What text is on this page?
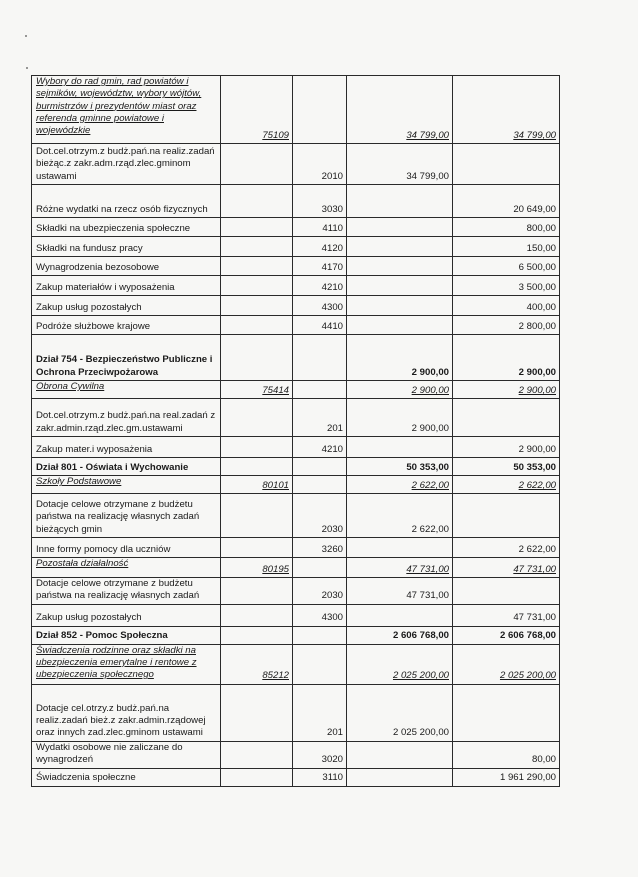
Wybory do rad gmin, rad powiatów i sejmików, województw, wybory wójtów, burmistrzów i prezydentów miast oraz referenda gminne powiatowe i wojewódzkie	75109		34 799,00	34 799,00
Dot.cel.otrzym.z budż.pań.na realiz.zadań bieżąc.z zakr.adm.rząd.zlec.gminom ustawami		2010	34 799,00	
Różne wydatki na rzecz osób fizycznych		3030		20 649,00
Składki na ubezpieczenia społeczne		4110		800,00
Składki na fundusz pracy		4120		150,00
Wynagrodzenia bezosobowe		4170		6 500,00
Zakup materiałów i wyposażenia		4210		3 500,00
Zakup usług pozostałych		4300		400,00
Podróże służbowe krajowe		4410		2 800,00
Dział 754 - Bezpieczeństwo Publiczne i Ochrona Przeciwpożarowa			2 900,00	2 900,00
Obrona Cywilna	75414		2 900,00	2 900,00
Dot.cel.otrzym.z budż.pań.na real.zadań z zakr.admin.rząd.zlec.gm.ustawami		201	2 900,00	
Zakup mater.i wyposażenia		4210		2 900,00
Dział 801 - Oświata i Wychowanie			50 353,00	50 353,00
Szkoły Podstawowe	80101		2 622,00	2 622,00
Dotacje celowe otrzymane z budżetu państwa na realizację własnych zadań bieżących gmin		2030	2 622,00	
Inne formy pomocy dla uczniów		3260		2 622,00
Pozostała działalność	80195		47 731,00	47 731,00
Dotacje celowe otrzymane z budżetu państwa na realizację własnych zadań		2030	47 731,00	
Zakup usług pozostałych		4300		47 731,00
Dział 852 - Pomoc Społeczna			2 606 768,00	2 606 768,00
Świadczenia rodzinne oraz składki na ubezpieczenia emerytalne i rentowe z ubezpieczenia społecznego	85212		2 025 200,00	2 025 200,00
Dotacje cel.otrzy.z budż.pań.na realiz.zadań bież.z zakr.admin.rządowej oraz innych zad.zlec.gminom ustawami		201	2 025 200,00	
Wydatki osobowe nie zaliczane do wynagrodzeń		3020		80,00
Świadczenia społeczne		3110		1 961 290,00
